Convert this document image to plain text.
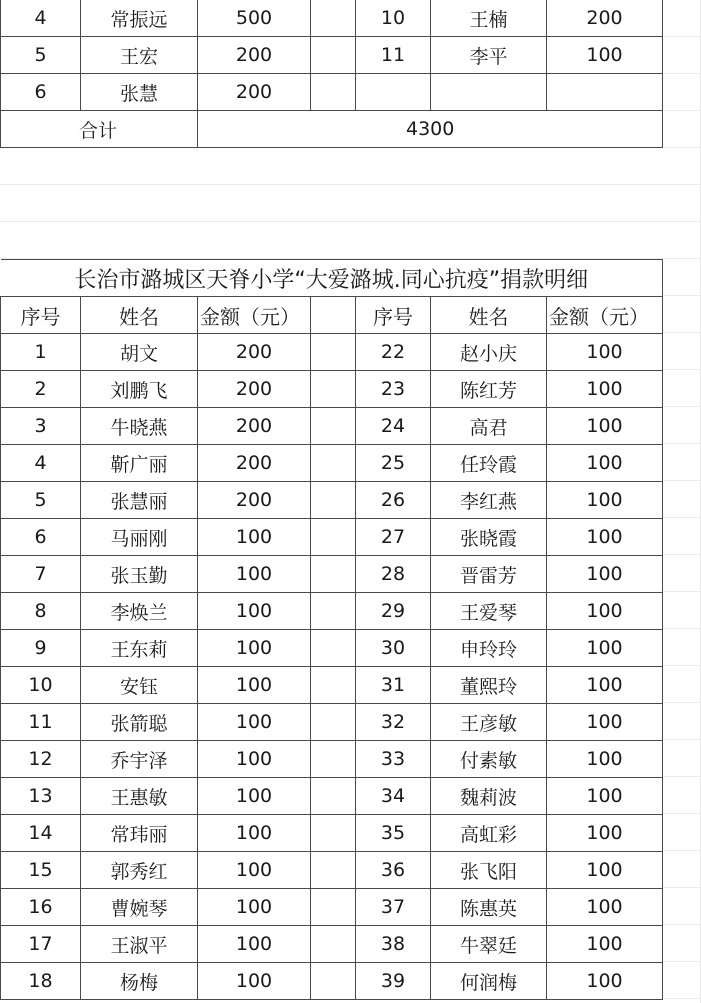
4	常振远	500		10	王楠	200
5	王宏	200		11	李平	100
6	张慧	200				
合计		4300				
长治市潞城区天脊小学“大爱潞城.同心抗疫”捐款明细						
序号	姓名	金额（元）		序号	姓名	金额（元）
1	胡文	200		22	赵小庆	100
2	刘鹏飞	200		23	陈红芳	100
3	牛晓燕	200		24	高君	100
4	靳广丽	200		25	任玲霞	100
5	张慧丽	200		26	李红燕	100
6	马丽刚	100		27	张晓霞	100
7	张玉勤	100		28	晋雷芳	100
8	李焕兰	100		29	王爱琴	100
9	王东莉	100		30	申玲玲	100
10	安钰	100		31	董熙玲	100
11	张箭聪	100		32	王彦敏	100
12	乔宇泽	100		33	付素敏	100
13	王惠敏	100		34	魏莉波	100
14	常玮丽	100		35	高虹彩	100
15	郭秀红	100		36	张飞阳	100
16	曹婉琴	100		37	陈惠英	100
17	王淑平	100		38	牛翠廷	100
18	杨梅	100		39	何润梅	100
